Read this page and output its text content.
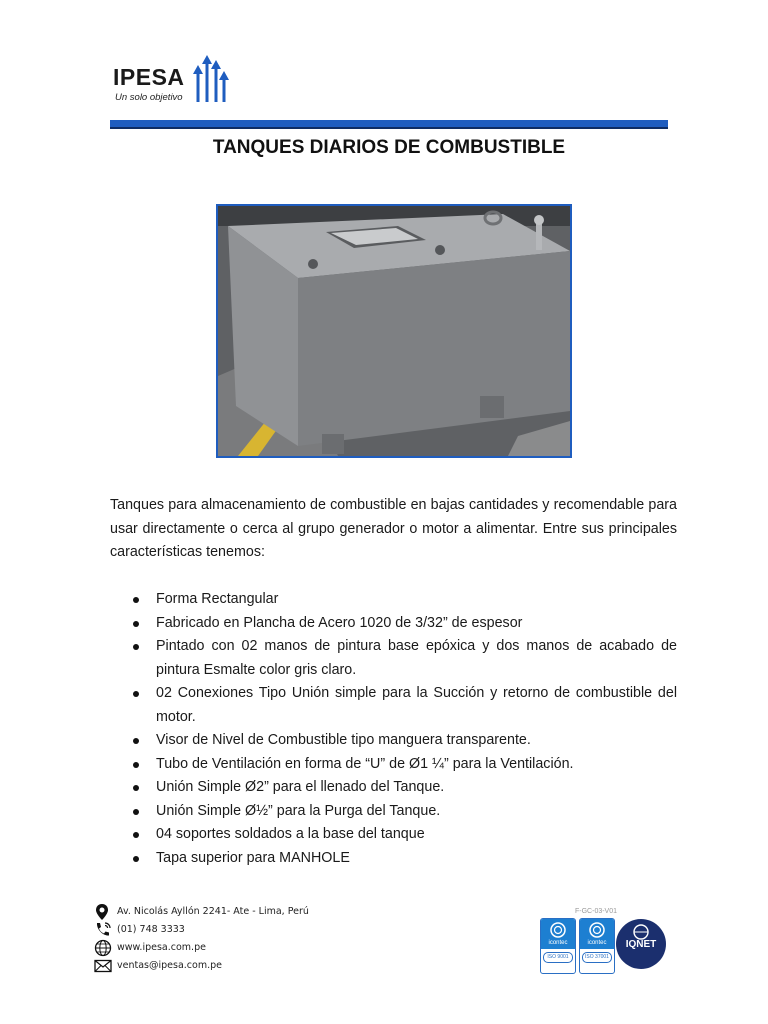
IPESA
Un solo objetivo
TANQUES DIARIOS DE COMBUSTIBLE
Tanques para almacenamiento de combustible en bajas cantidades y recomendable para usar directamente o cerca al grupo generador o motor a alimentar. Entre sus principales características tenemos:
Forma Rectangular
Fabricado en Plancha de Acero 1020 de 3/32” de espesor
Pintado con 02 manos de pintura base epóxica y dos manos de acabado de pintura Esmalte color gris claro.
02 Conexiones Tipo Unión simple para la Succión y retorno de combustible del motor.
Visor de Nivel de Combustible tipo manguera transparente.
Tubo de Ventilación en forma de “U” de Ø1 ¼” para la Ventilación.
Unión Simple Ø2” para el llenado del Tanque.
Unión Simple Ø½” para la Purga del Tanque.
04 soportes soldados a la base del tanque
Tapa superior para MANHOLE
Av. Nicolás Ayllón 2241- Ate - Lima, Perú
(01) 748 3333
www.ipesa.com.pe
ventas@ipesa.com.pe
F-GC-03-V01
icontec
ISO 9001
icontec
ISO 37001
IQNET
